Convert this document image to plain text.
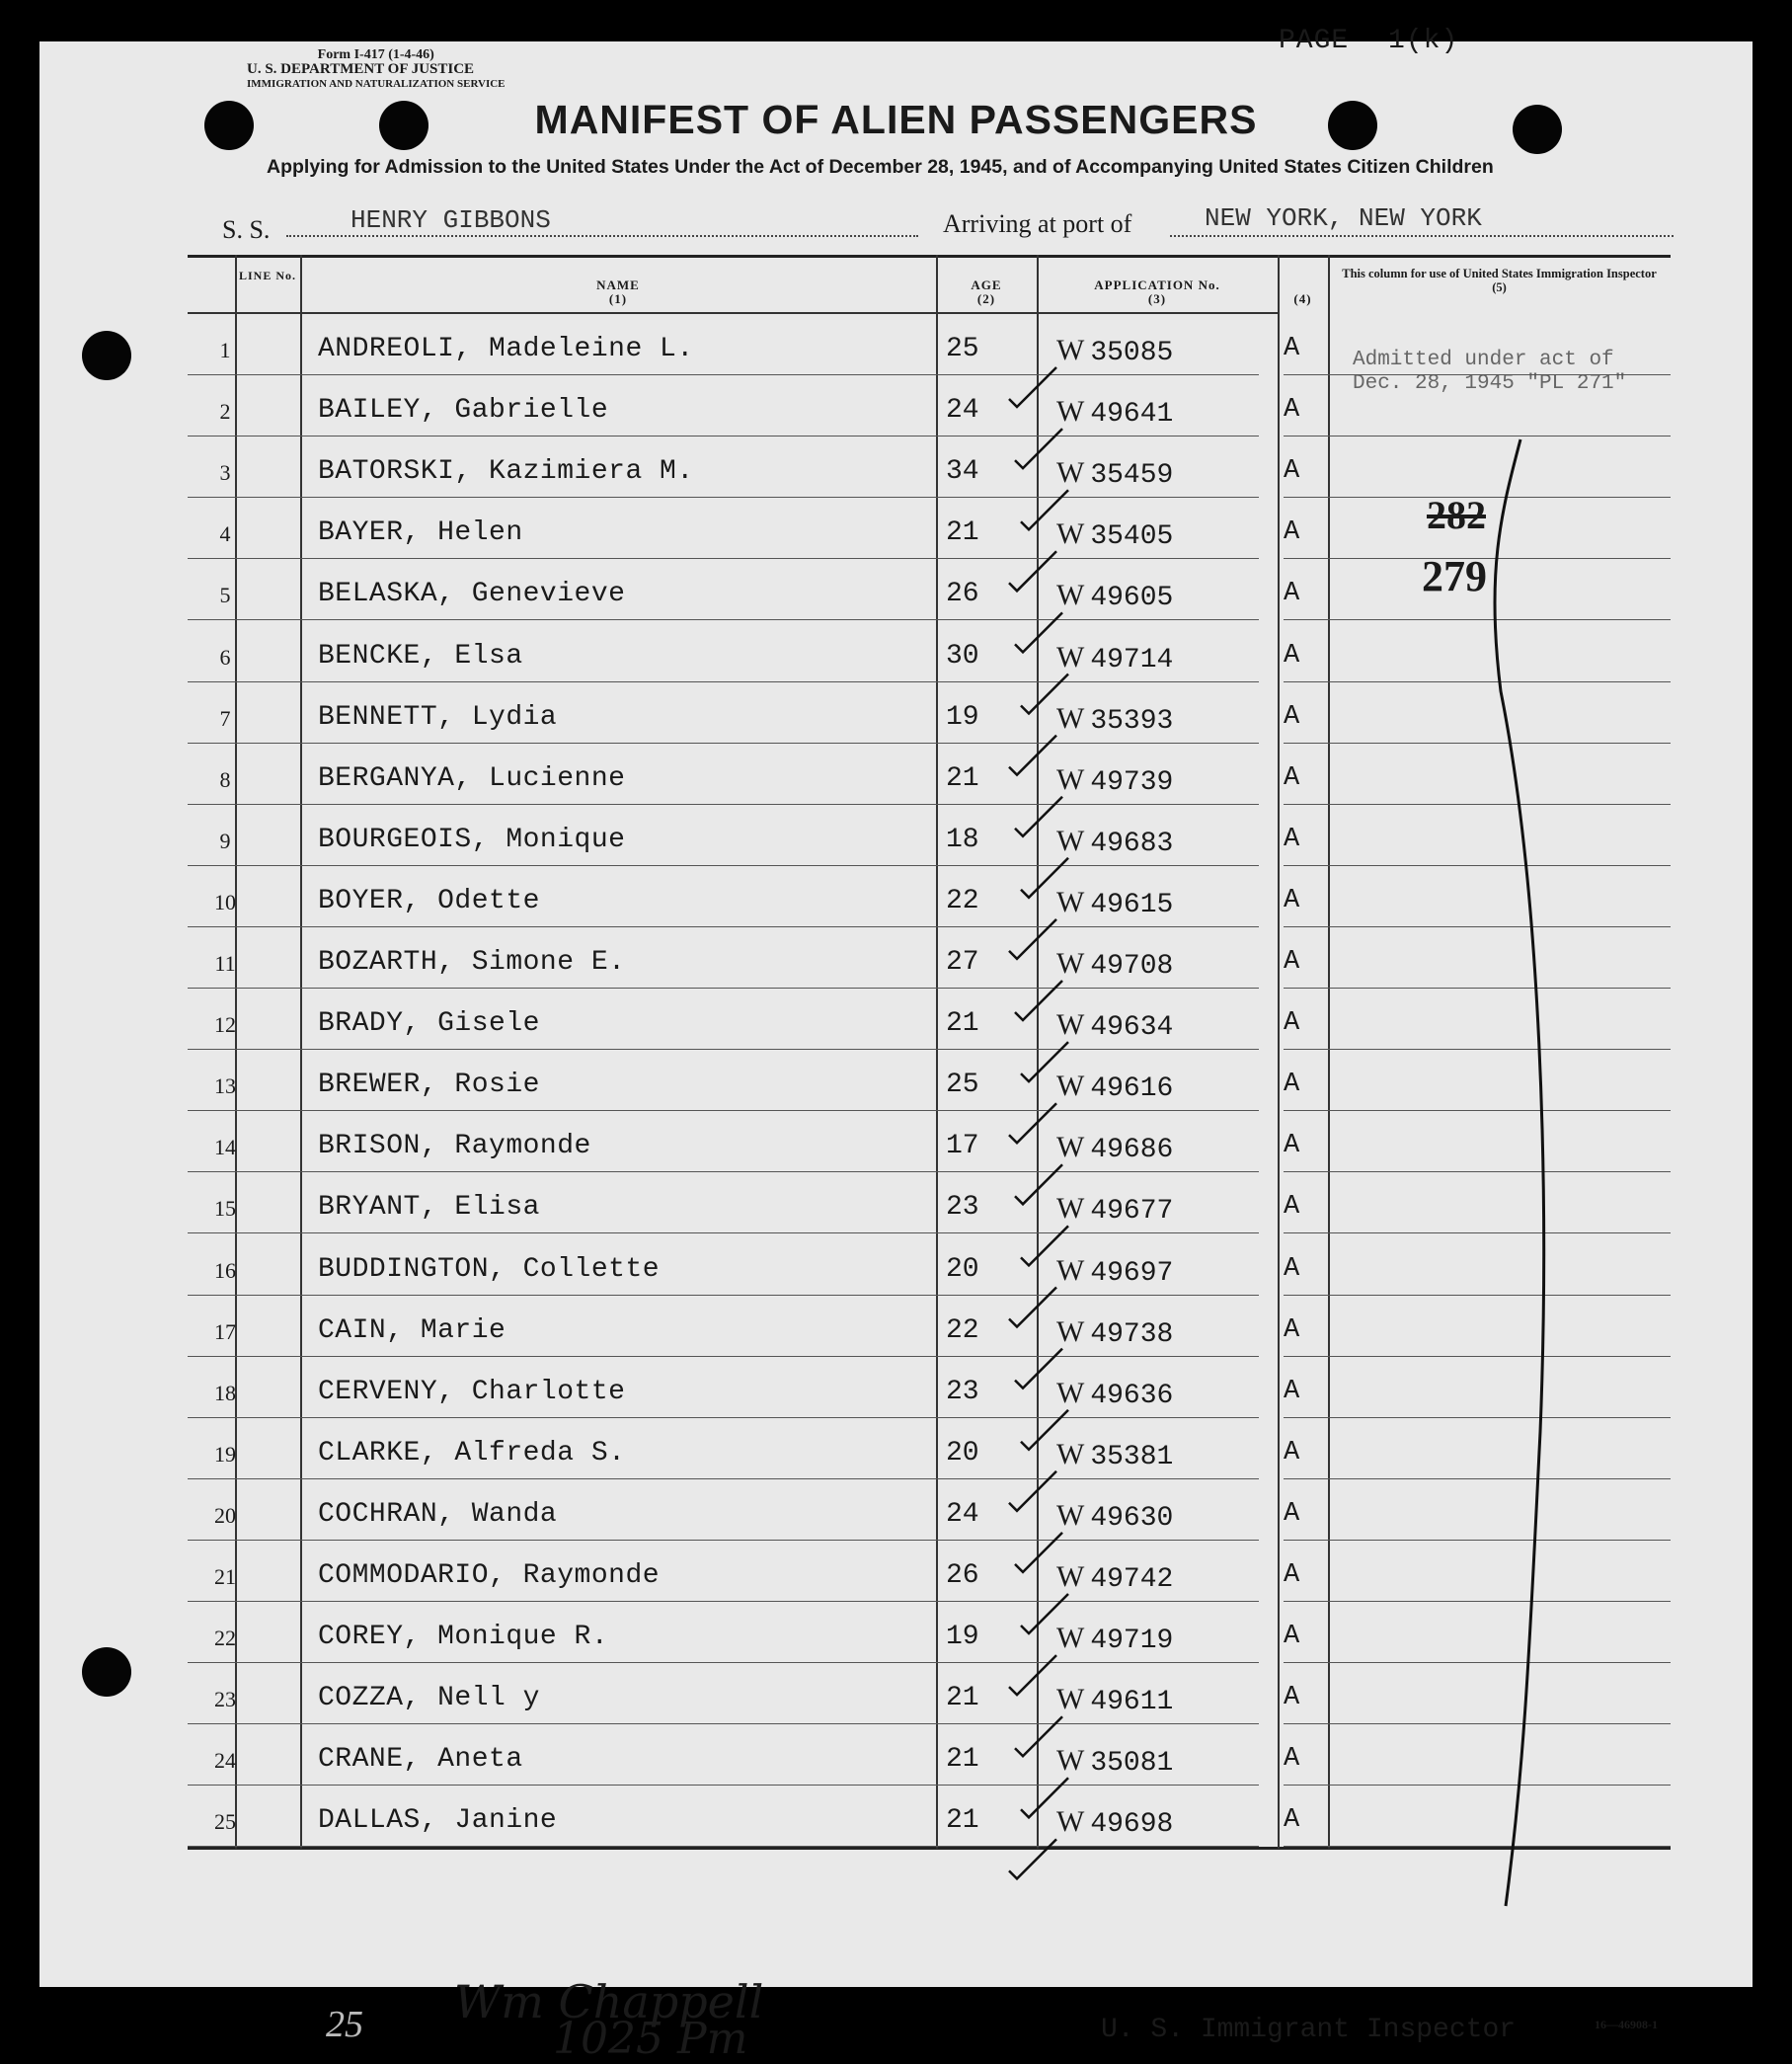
Form I-417 (1-4-46)
U. S. DEPARTMENT OF JUSTICE
IMMIGRATION AND NATURALIZATION SERVICE
PAGE 1(k)
MANIFEST OF ALIEN PASSENGERS
Applying for Admission to the United States Under the Act of December 28, 1945, and of Accompanying United States Citizen Children
S. S.	HENRY GIBBONS	Arriving at port of	NEW YORK, NEW YORK
LINE No.
NAME
(1)
AGE
(2)
APPLICATION No.
(3)	(4)
This column for use of United States Immigration Inspector
(5)
Admitted under act of
Dec. 28, 1945 "PL 271"
282
279
1	ANDREOLI, Madeleine L.	25	W 35085	A
2	BAILEY, Gabrielle	24	W 49641	A
3	BATORSKI, Kazimiera M.	34	W 35459	A
4	BAYER, Helen	21	W 35405	A
5	BELASKA, Genevieve	26	W 49605	A
6	BENCKE, Elsa	30	W 49714	A
7	BENNETT, Lydia	19	W 35393	A
8	BERGANYA, Lucienne	21	W 49739	A
9	BOURGEOIS, Monique	18	W 49683	A
10	BOYER, Odette	22	W 49615	A
11	BOZARTH, Simone E.	27	W 49708	A
12	BRADY, Gisele	21	W 49634	A
13	BREWER, Rosie	25	W 49616	A
14	BRISON, Raymonde	17	W 49686	A
15	BRYANT, Elisa	23	W 49677	A
16	BUDDINGTON, Collette	20	W 49697	A
17	CAIN, Marie	22	W 49738	A
18	CERVENY, Charlotte	23	W 49636	A
19	CLARKE, Alfreda S.	20	W 35381	A
20	COCHRAN, Wanda	24	W 49630	A
21	COMMODARIO, Raymonde	26	W 49742	A
22	COREY, Monique R.	19	W 49719	A
23	COZZA, Nell y	21	W 49611	A
24	CRANE, Aneta	21	W 35081	A
25	DALLAS, Janine	21	W 49698	A
25 Wm Chappell
1025 Pm	U. S. Immigrant Inspector	16—46908-1
